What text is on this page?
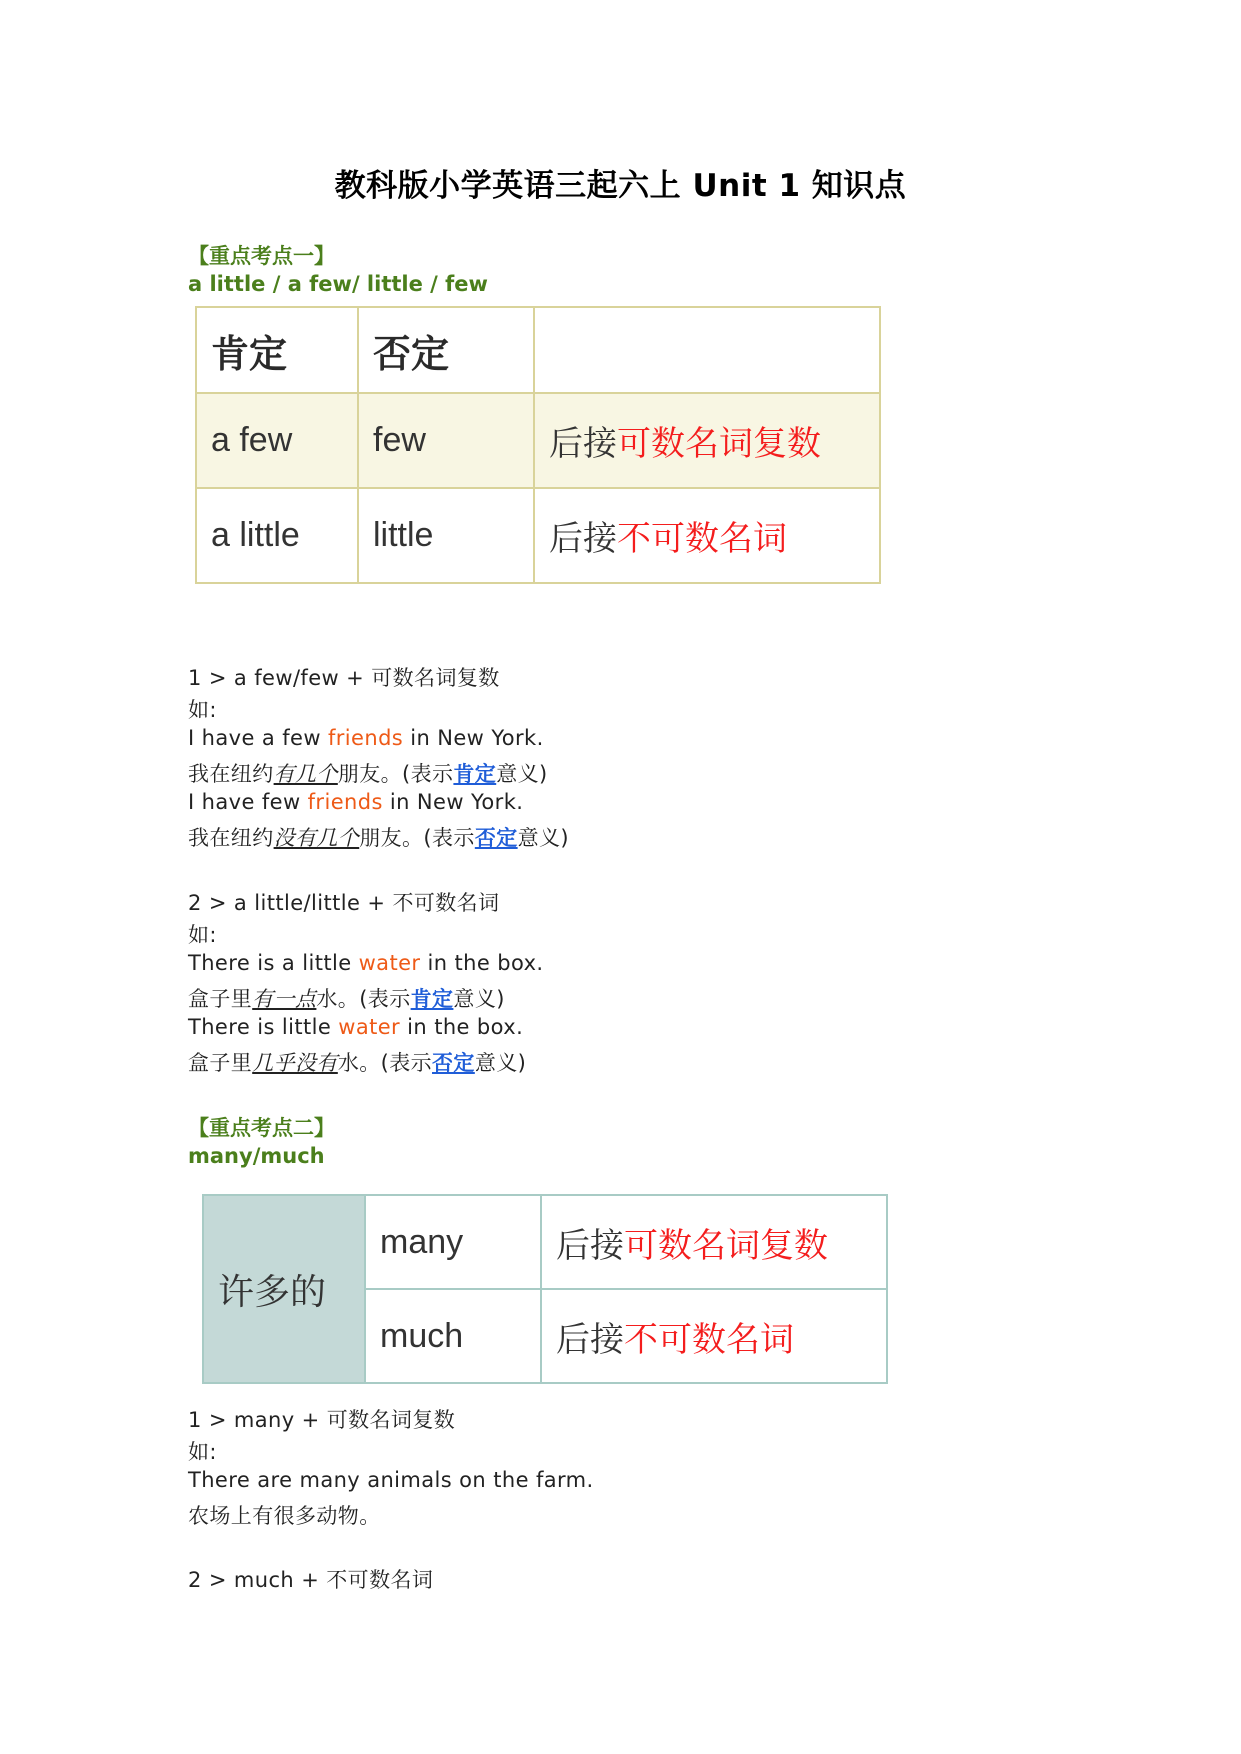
教科版小学英语三起六上 Unit 1 知识点
【重点考点一】
a little / a few/ little / few
肯定	否定	
a few	few	后接可数名词复数
a little	little	后接不可数名词
1 > a few/few + 可数名词复数
如:
I have a few friends in New York.
我在纽约有几个朋友。(表示肯定意义)
I have few friends in New York.
我在纽约没有几个朋友。(表示否定意义)
2 > a little/little + 不可数名词
如:
There is a little water in the box.
盒子里有一点水。(表示肯定意义)
There is little water in the box.
盒子里几乎没有水。(表示否定意义)
【重点考点二】
many/much
许多的	many	后接可数名词复数
	much	后接不可数名词
1 > many + 可数名词复数
如:
There are many animals on the farm.
农场上有很多动物。
2 > much + 不可数名词
